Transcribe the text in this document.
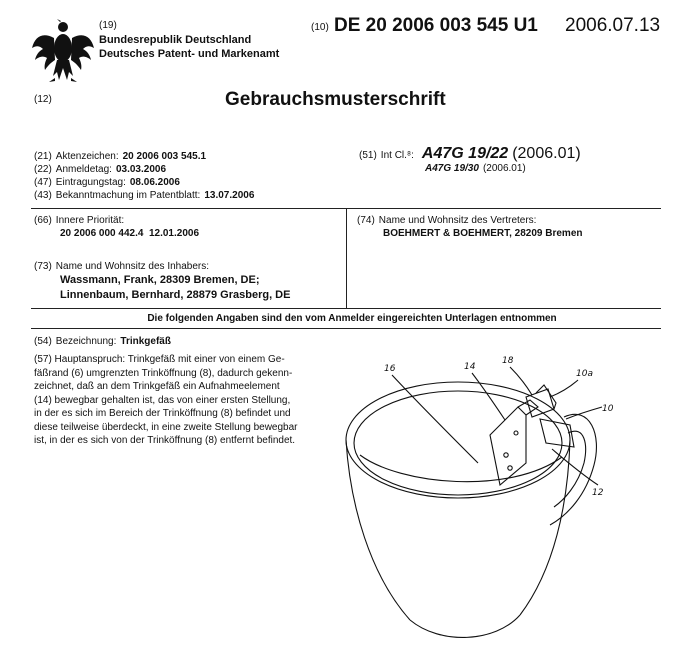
(19)
Bundesrepublik Deutschland
Deutsches Patent- und Markenamt
(10) DE 20 2006 003 545 U1 2006.07.13
(12)	Gebrauchsmusterschrift
(21) Aktenzeichen: 20 2006 003 545.1
(22) Anmeldetag: 03.03.2006
(47) Eintragungstag: 08.06.2006
(43) Bekanntmachung im Patentblatt: 13.07.2006
(51) Int Cl.⁸: A47G 19/22 (2006.01)
A47G 19/30 (2006.01)
(66) Innere Priorität:
20 2006 000 442.4  12.01.2006
(74) Name und Wohnsitz des Vertreters:
BOEHMERT & BOEHMERT, 28209 Bremen
(73) Name und Wohnsitz des Inhabers:
Wassmann, Frank, 28309 Bremen, DE;
Linnenbaum, Bernhard, 28879 Grasberg, DE
Die folgenden Angaben sind den vom Anmelder eingereichten Unterlagen entnommen
(54) Bezeichnung: Trinkgefäß
(57) Hauptanspruch: Trinkgefäß mit einer von einem Ge-
fäßrand (6) umgrenzten Trinköffnung (8), dadurch gekenn-
zeichnet, daß an dem Trinkgefäß ein Aufnahmeelement
(14) bewegbar gehalten ist, das von einer ersten Stellung,
in der es sich im Bereich der Trinköffnung (8) befindet und
diese teilweise überdeckt, in eine zweite Stellung bewegbar
ist, in der es sich von der Trinköffnung (8) entfernt befindet.
16	14
18
10a
10
12
